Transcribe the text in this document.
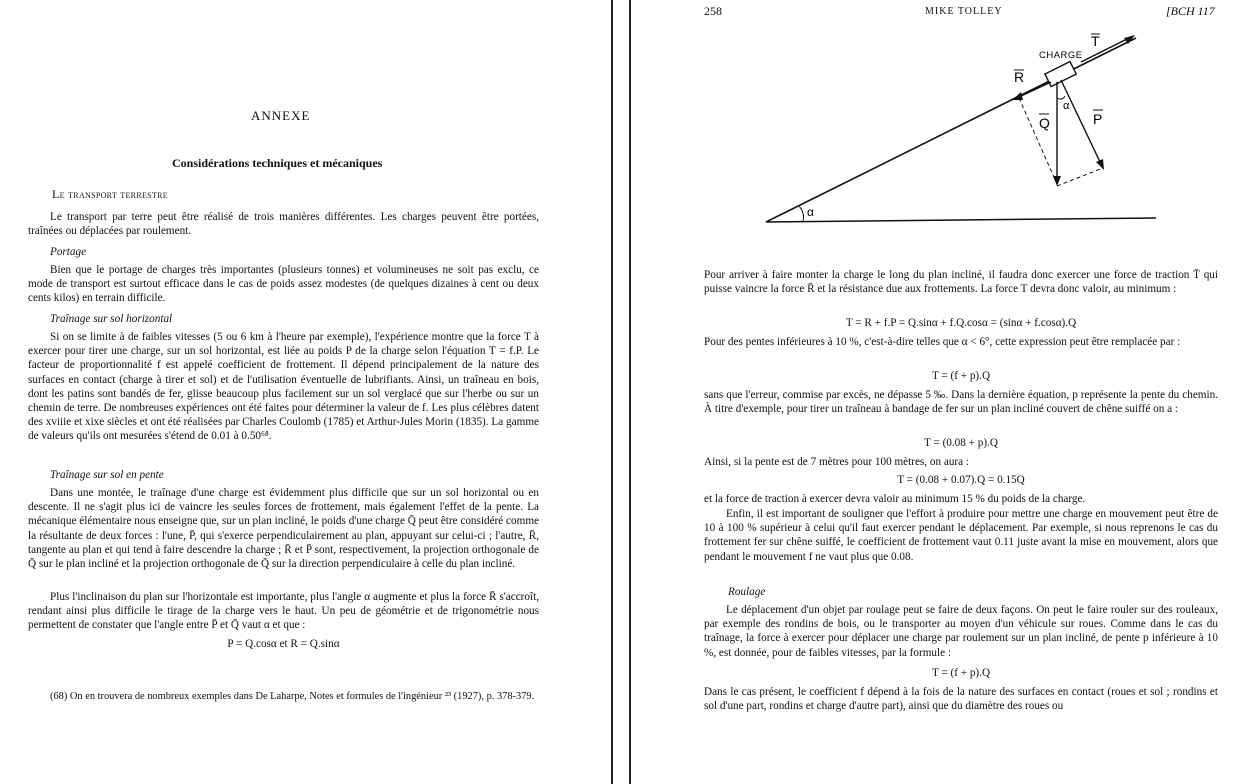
ANNEXE
Considérations techniques et mécaniques
Le transport terrestre

Le transport par terre peut être réalisé de trois manières différentes. Les charges peuvent être portées, traînées ou déplacées par roulement.

Portage

Bien que le portage de charges très importantes (plusieurs tonnes) et volumineuses ne soit pas exclu, ce mode de transport est surtout efficace dans le cas de poids assez modestes (de quelques dizaines à cent ou deux cents kilos) en terrain difficile.

Traînage sur sol horizontal

Si on se limite à de faibles vitesses (5 ou 6 km à l'heure par exemple), l'expérience montre que la force T à exercer pour tirer une charge, sur un sol horizontal, est liée au poids P de la charge selon l'équation T = f.P. Le facteur de proportionnalité f est appelé coefficient de frottement. Il dépend principalement de la nature des surfaces en contact (charge à tirer et sol) et de l'utilisation éventuelle de lubrifiants. Ainsi, un traîneau en bois, dont les patins sont bandés de fer, glisse beaucoup plus facilement sur un sol verglacé que sur l'herbe ou sur un chemin de terre. De nombreuses expériences ont été faites pour déterminer la valeur de f. Les plus célèbres datent des xviiie et xixe siècles et ont été réalisées par Charles Coulomb (1785) et Arthur-Jules Morin (1835). La gamme de valeurs qu'ils ont mesurées s'étend de 0.01 à 0.50⁶⁸.

Traînage sur sol en pente

Dans une montée, le traînage d'une charge est évidemment plus difficile que sur un sol horizontal ou en descente. Il ne s'agit plus ici de vaincre les seules forces de frottement, mais également l'effet de la pente. La mécanique élémentaire nous enseigne que, sur un plan incliné, le poids d'une charge Q̄ peut être considéré comme la résultante de deux forces : l'une, P̄, qui s'exerce perpendiculairement au plan, appuyant sur celui-ci ; l'autre, R̄, tangente au plan et qui tend à faire descendre la charge ; R̄ et P̄ sont, respectivement, la projection orthogonale de Q̄ sur le plan incliné et la projection orthogonale de Q̄ sur la direction perpendiculaire à celle du plan incliné.

Plus l'inclinaison du plan sur l'horizontale est importante, plus l'angle α augmente et plus la force R̄ s'accroît, rendant ainsi plus difficile le tirage de la charge vers le haut. Un peu de géométrie et de trigonométrie nous permettent de constater que l'angle entre P̄ et Q̄ vaut α et que :

P = Q.cosα et R = Q.sinα

(68) On en trouvera de nombreux exemples dans De Laharpe, Notes et formules de l'ingénieur ²³ (1927), p. 378-379.

258	MIKE TOLLEY	[BCH 117
α
CHARGE
T
R
Q	P
α

Pour arriver à faire monter la charge le long du plan incliné, il faudra donc exercer une force de traction T̄ qui puisse vaincre la force R̄ et la résistance due aux frottements. La force T devra donc valoir, au minimum :

T = R + f.P = Q.sinα + f.Q.cosα = (sinα + f.cosα).Q

Pour des pentes inférieures à 10 %, c'est-à-dire telles que α < 6°, cette expression peut être remplacée par :

T = (f + p).Q

sans que l'erreur, commise par excès, ne dépasse 5 ‰. Dans la dernière équation, p représente la pente du chemin. À titre d'exemple, pour tirer un traîneau à bandage de fer sur un plan incliné couvert de chêne suiffé on a :

T = (0.08 + p).Q

Ainsi, si la pente est de 7 mètres pour 100 mètres, on aura :

T = (0.08 + 0.07).Q = 0.15Q

et la force de traction à exercer devra valoir au minimum 15 % du poids de la charge.

Enfin, il est important de souligner que l'effort à produire pour mettre une charge en mouvement peut être de 10 à 100 % supérieur à celui qu'il faut exercer pendant le déplacement. Par exemple, si nous reprenons le cas du frottement fer sur chêne suiffé, le coefficient de frottement vaut 0.11 juste avant la mise en mouvement, alors que pendant le mouvement f ne vaut plus que 0.08.

Roulage

Le déplacement d'un objet par roulage peut se faire de deux façons. On peut le faire rouler sur des rouleaux, par exemple des rondins de bois, ou le transporter au moyen d'un véhicule sur roues. Comme dans le cas du traînage, la force à exercer pour déplacer une charge par roulement sur un plan incliné, de pente p inférieure à 10 %, est donnée, pour de faibles vitesses, par la formule :

T = (f + p).Q

Dans le cas présent, le coefficient f dépend à la fois de la nature des surfaces en contact (roues et sol ; rondins et sol d'une part, rondins et charge d'autre part), ainsi que du diamètre des roues ou
